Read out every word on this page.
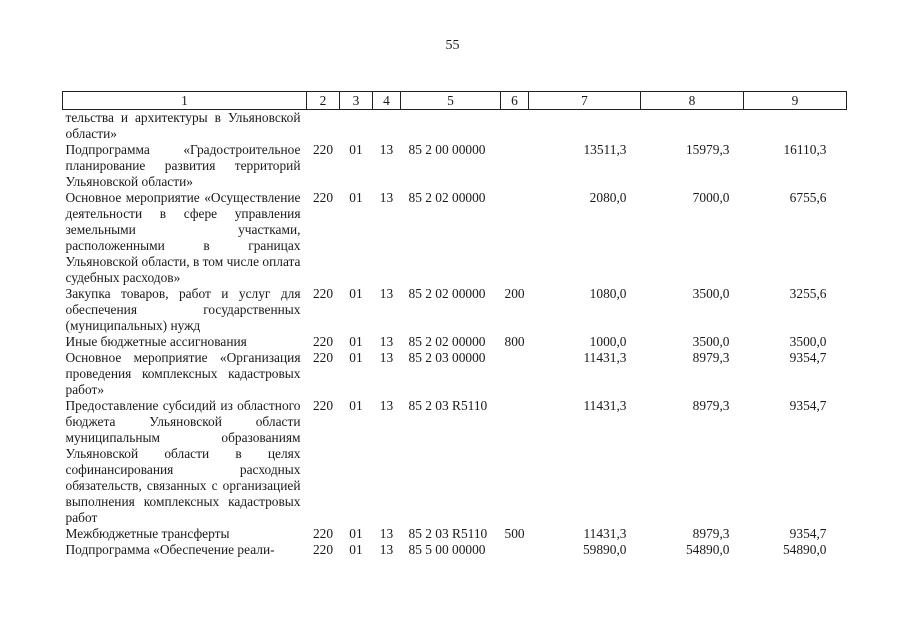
55
1	2	3	4	5	6	7	8	9
тельства и архитектуры в Ульяновской области»								
Подпрограмма «Градостроительное планирование развития территорий Ульяновской области»	220	01	13	85 2 00 00000		13511,3	15979,3	16110,3
Основное мероприятие «Осуществление деятельности в сфере управления земельными участками, расположенными в границах Ульяновской области, в том числе оплата судебных расходов»	220	01	13	85 2 02 00000		2080,0	7000,0	6755,6
Закупка товаров, работ и услуг для обеспечения государственных (муниципальных) нужд	220	01	13	85 2 02 00000	200	1080,0	3500,0	3255,6
Иные бюджетные ассигнования	220	01	13	85 2 02 00000	800	1000,0	3500,0	3500,0
Основное мероприятие «Организация проведения комплексных кадастровых работ»	220	01	13	85 2 03 00000		11431,3	8979,3	9354,7
Предоставление субсидий из областного бюджета Ульяновской области муниципальным образованиям Ульяновской области в целях софинансирования расходных обязательств, связанных с организацией выполнения комплексных кадастровых работ	220	01	13	85 2 03 R5110		11431,3	8979,3	9354,7
Межбюджетные трансферты	220	01	13	85 2 03 R5110	500	11431,3	8979,3	9354,7
Подпрограмма «Обеспечение реали-	220	01	13	85 5 00 00000		59890,0	54890,0	54890,0
